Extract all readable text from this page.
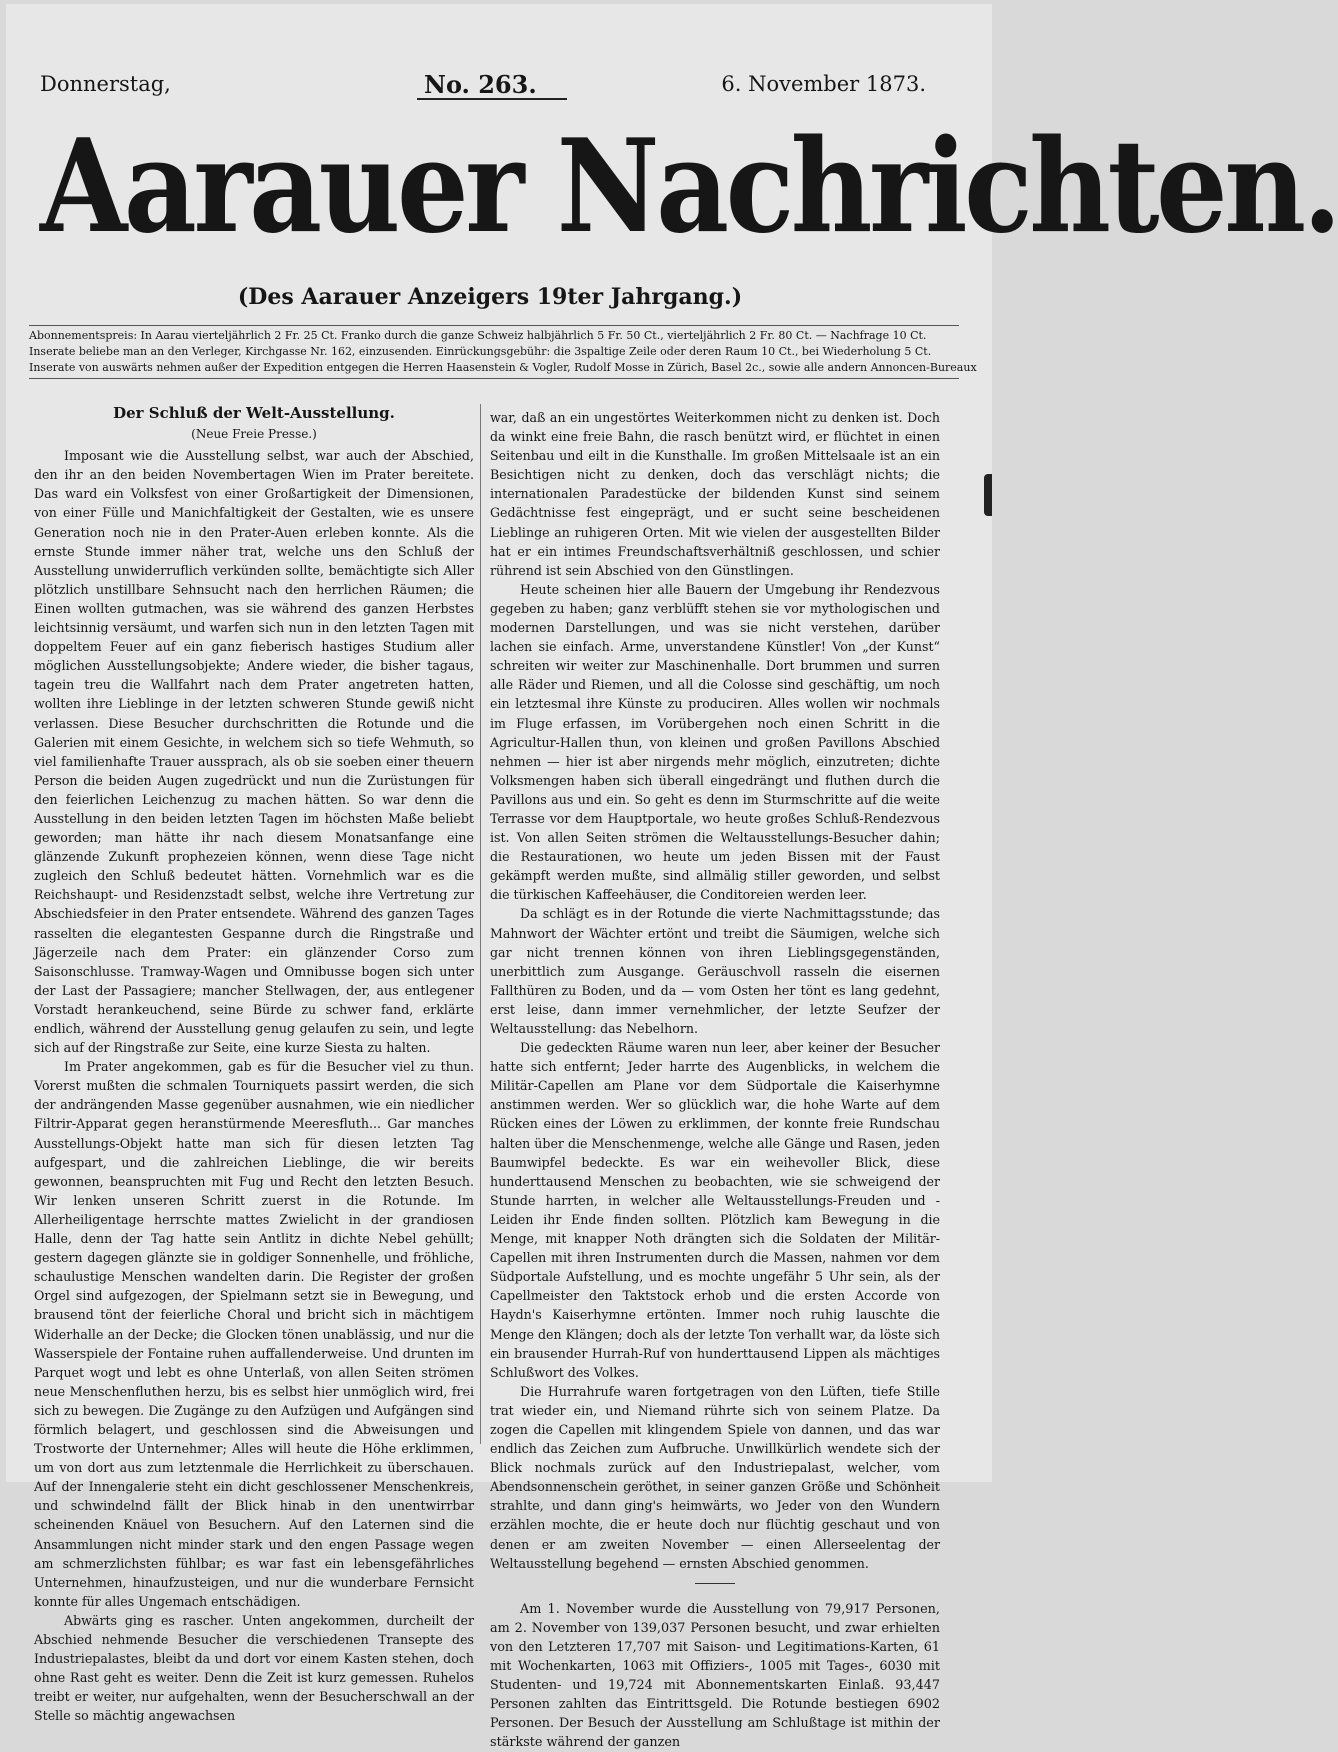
Donnerstag,	No. 263.	6. November 1873.
Aarauer Nachrichten.
(Des Aarauer Anzeigers 19ter Jahrgang.)
Abonnementspreis: In Aarau vierteljährlich 2 Fr. 25 Ct. Franko durch die ganze Schweiz halbjährlich 5 Fr. 50 Ct., vierteljährlich 2 Fr. 80 Ct. — Nachfrage 10 Ct.
Inserate beliebe man an den Verleger, Kirchgasse Nr. 162, einzusenden. Einrückungsgebühr: die 3spaltige Zeile oder deren Raum 10 Ct., bei Wiederholung 5 Ct.
Inserate von auswärts nehmen außer der Expedition entgegen die Herren Haasenstein & Vogler, Rudolf Mosse in Zürich, Basel 2c., sowie alle andern Annoncen-Bureaux
Der Schluß der Welt-Ausstellung.
(Neue Freie Presse.)

Imposant wie die Ausstellung selbst, war auch der Abschied, den ihr an den beiden Novembertagen Wien im Prater bereitete. Das ward ein Volksfest von einer Großartigkeit der Dimensionen, von einer Fülle und Manichfaltigkeit der Gestalten, wie es unsere Generation noch nie in den Prater-Auen erleben konnte. Als die ernste Stunde immer näher trat, welche uns den Schluß der Ausstellung unwiderruflich verkünden sollte, bemächtigte sich Aller plötzlich unstillbare Sehnsucht nach den herrlichen Räumen; die Einen wollten gutmachen, was sie während des ganzen Herbstes leichtsinnig versäumt, und warfen sich nun in den letzten Tagen mit doppeltem Feuer auf ein ganz fieberisch hastiges Studium aller möglichen Ausstellungsobjekte; Andere wieder, die bisher tagaus, tagein treu die Wallfahrt nach dem Prater angetreten hatten, wollten ihre Lieblinge in der letzten schweren Stunde gewiß nicht verlassen. Diese Besucher durchschritten die Rotunde und die Galerien mit einem Gesichte, in welchem sich so tiefe Wehmuth, so viel familienhafte Trauer aussprach, als ob sie soeben einer theuern Person die beiden Augen zugedrückt und nun die Zurüstungen für den feierlichen Leichenzug zu machen hätten. So war denn die Ausstellung in den beiden letzten Tagen im höchsten Maße beliebt geworden; man hätte ihr nach diesem Monatsanfange eine glänzende Zukunft prophezeien können, wenn diese Tage nicht zugleich den Schluß bedeutet hätten. Vornehmlich war es die Reichshaupt- und Residenzstadt selbst, welche ihre Vertretung zur Abschiedsfeier in den Prater entsendete. Während des ganzen Tages rasselten die elegantesten Gespanne durch die Ringstraße und Jägerzeile nach dem Prater: ein glänzender Corso zum Saisonschlusse. Tramway-Wagen und Omnibusse bogen sich unter der Last der Passagiere; mancher Stellwagen, der, aus entlegener Vorstadt herankeuchend, seine Bürde zu schwer fand, erklärte endlich, während der Ausstellung genug gelaufen zu sein, und legte sich auf der Ringstraße zur Seite, eine kurze Siesta zu halten.

Im Prater angekommen, gab es für die Besucher viel zu thun. Vorerst mußten die schmalen Tourniquets passirt werden, die sich der andrängenden Masse gegenüber ausnahmen, wie ein niedlicher Filtrir-Apparat gegen heranstürmende Meeresfluth... Gar manches Ausstellungs-Objekt hatte man sich für diesen letzten Tag aufgespart, und die zahlreichen Lieblinge, die wir bereits gewonnen, beanspruchten mit Fug und Recht den letzten Besuch. Wir lenken unseren Schritt zuerst in die Rotunde. Im Allerheiligentage herrschte mattes Zwielicht in der grandiosen Halle, denn der Tag hatte sein Antlitz in dichte Nebel gehüllt; gestern dagegen glänzte sie in goldiger Sonnenhelle, und fröhliche, schaulustige Menschen wandelten darin. Die Register der großen Orgel sind aufgezogen, der Spielmann setzt sie in Bewegung, und brausend tönt der feierliche Choral und bricht sich in mächtigem Widerhalle an der Decke; die Glocken tönen unablässig, und nur die Wasserspiele der Fontaine ruhen auffallenderweise. Und drunten im Parquet wogt und lebt es ohne Unterlaß, von allen Seiten strömen neue Menschenfluthen herzu, bis es selbst hier unmöglich wird, frei sich zu bewegen. Die Zugänge zu den Aufzügen und Aufgängen sind förmlich belagert, und geschlossen sind die Abweisungen und Trostworte der Unternehmer; Alles will heute die Höhe erklimmen, um von dort aus zum letztenmale die Herrlichkeit zu überschauen. Auf der Innengalerie steht ein dicht geschlossener Menschenkreis, und schwindelnd fällt der Blick hinab in den unentwirrbar scheinenden Knäuel von Besuchern. Auf den Laternen sind die Ansammlungen nicht minder stark und den engen Passage wegen am schmerzlichsten fühlbar; es war fast ein lebensgefährliches Unternehmen, hinaufzusteigen, und nur die wunderbare Fernsicht konnte für alles Ungemach entschädigen.

Abwärts ging es rascher. Unten angekommen, durcheilt der Abschied nehmende Besucher die verschiedenen Transepte des Industriepalastes, bleibt da und dort vor einem Kasten stehen, doch ohne Rast geht es weiter. Denn die Zeit ist kurz gemessen. Ruhelos treibt er weiter, nur aufgehalten, wenn der Besucherschwall an der Stelle so mächtig angewachsen

war, daß an ein ungestörtes Weiterkommen nicht zu denken ist. Doch da winkt eine freie Bahn, die rasch benützt wird, er flüchtet in einen Seitenbau und eilt in die Kunsthalle. Im großen Mittelsaale ist an ein Besichtigen nicht zu denken, doch das verschlägt nichts; die internationalen Paradestücke der bildenden Kunst sind seinem Gedächtnisse fest eingeprägt, und er sucht seine bescheidenen Lieblinge an ruhigeren Orten. Mit wie vielen der ausgestellten Bilder hat er ein intimes Freundschaftsverhältniß geschlossen, und schier rührend ist sein Abschied von den Günstlingen.

Heute scheinen hier alle Bauern der Umgebung ihr Rendezvous gegeben zu haben; ganz verblüfft stehen sie vor mythologischen und modernen Darstellungen, und was sie nicht verstehen, darüber lachen sie einfach. Arme, unverstandene Künstler! Von „der Kunst“ schreiten wir weiter zur Maschinenhalle. Dort brummen und surren alle Räder und Riemen, und all die Colosse sind geschäftig, um noch ein letztesmal ihre Künste zu produciren. Alles wollen wir nochmals im Fluge erfassen, im Vorübergehen noch einen Schritt in die Agricultur-Hallen thun, von kleinen und großen Pavillons Abschied nehmen — hier ist aber nirgends mehr möglich, einzutreten; dichte Volksmengen haben sich überall eingedrängt und fluthen durch die Pavillons aus und ein. So geht es denn im Sturmschritte auf die weite Terrasse vor dem Hauptportale, wo heute großes Schluß-Rendezvous ist. Von allen Seiten strömen die Weltausstellungs-Besucher dahin; die Restaurationen, wo heute um jeden Bissen mit der Faust gekämpft werden mußte, sind allmälig stiller geworden, und selbst die türkischen Kaffeehäuser, die Conditoreien werden leer.

Da schlägt es in der Rotunde die vierte Nachmittagsstunde; das Mahnwort der Wächter ertönt und treibt die Säumigen, welche sich gar nicht trennen können von ihren Lieblingsgegenständen, unerbittlich zum Ausgange. Geräuschvoll rasseln die eisernen Fallthüren zu Boden, und da — vom Osten her tönt es lang gedehnt, erst leise, dann immer vernehmlicher, der letzte Seufzer der Weltausstellung: das Nebelhorn.

Die gedeckten Räume waren nun leer, aber keiner der Besucher hatte sich entfernt; Jeder harrte des Augenblicks, in welchem die Militär-Capellen am Plane vor dem Südportale die Kaiserhymne anstimmen werden. Wer so glücklich war, die hohe Warte auf dem Rücken eines der Löwen zu erklimmen, der konnte freie Rundschau halten über die Menschenmenge, welche alle Gänge und Rasen, jeden Baumwipfel bedeckte. Es war ein weihevoller Blick, diese hunderttausend Menschen zu beobachten, wie sie schweigend der Stunde harrten, in welcher alle Weltausstellungs-Freuden und -Leiden ihr Ende finden sollten. Plötzlich kam Bewegung in die Menge, mit knapper Noth drängten sich die Soldaten der Militär-Capellen mit ihren Instrumenten durch die Massen, nahmen vor dem Südportale Aufstellung, und es mochte ungefähr 5 Uhr sein, als der Capellmeister den Taktstock erhob und die ersten Accorde von Haydn's Kaiserhymne ertönten. Immer noch ruhig lauschte die Menge den Klängen; doch als der letzte Ton verhallt war, da löste sich ein brausender Hurrah-Ruf von hunderttausend Lippen als mächtiges Schlußwort des Volkes.

Die Hurrahrufe waren fortgetragen von den Lüften, tiefe Stille trat wieder ein, und Niemand rührte sich von seinem Platze. Da zogen die Capellen mit klingendem Spiele von dannen, und das war endlich das Zeichen zum Aufbruche. Unwillkürlich wendete sich der Blick nochmals zurück auf den Industriepalast, welcher, vom Abendsonnenschein geröthet, in seiner ganzen Größe und Schönheit strahlte, und dann ging's heimwärts, wo Jeder von den Wundern erzählen mochte, die er heute doch nur flüchtig geschaut und von denen er am zweiten November — einen Allerseelentag der Weltausstellung begehend — ernsten Abschied genommen.

Am 1. November wurde die Ausstellung von 79,917 Personen, am 2. November von 139,037 Personen besucht, und zwar erhielten von den Letzteren 17,707 mit Saison- und Legitimations-Karten, 61 mit Wochenkarten, 1063 mit Offiziers-, 1005 mit Tages-, 6030 mit Studenten- und 19,724 mit Abonnementskarten Einlaß. 93,447 Personen zahlten das Eintrittsgeld. Die Rotunde bestiegen 6902 Personen. Der Besuch der Ausstellung am Schlußtage ist mithin der stärkste während der ganzen
